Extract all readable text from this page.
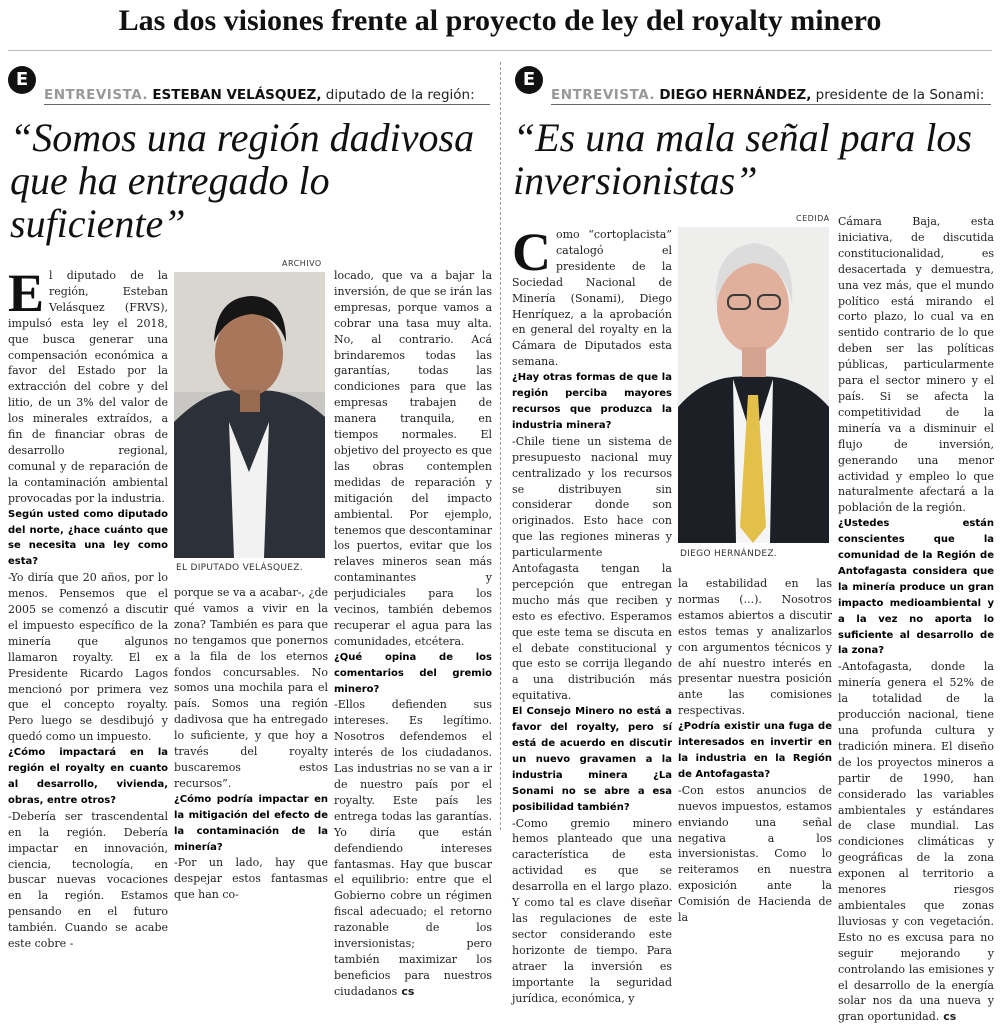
Las dos visiones frente al proyecto de ley del royalty minero
E
ENTREVISTA. ESTEBAN VELÁSQUEZ, diputado de la región:
“Somos una región dadivosa que ha entregado lo suficiente”
ARCHIVO
EL DIPUTADO VELÁSQUEZ.
E l diputado de la región, Esteban Velásquez (FRVS), impulsó esta ley el 2018, que busca generar una compensación económica a favor del Estado por la extracción del cobre y del litio, de un 3% del valor de los minerales extraídos, a fin de financiar obras de desarrollo regional, comunal y de reparación de la contaminación ambiental provocadas por la industria.
Según usted como diputado del norte, ¿hace cuánto que se necesita una ley como esta?
-Yo diría que 20 años, por lo menos. Pensemos que el 2005 se comenzó a discutir el impuesto específico de la minería que algunos llamaron royalty. El ex Presidente Ricardo Lagos mencionó por primera vez que el concepto royalty. Pero luego se desdibujó y quedó como un impuesto.
¿Cómo impactará en la región el royalty en cuanto al desarrollo, vivienda, obras, entre otros?
-Debería ser trascendental en la región. Debería impactar en innovación, ciencia, tecnología, en buscar nuevas vocaciones en la región. Estamos pensando en el futuro también. Cuando se acabe este cobre -
porque se va a acabar-, ¿de qué vamos a vivir en la zona? También es para que no tengamos que ponernos a la fila de los eternos fondos concursables. No somos una mochila para el país. Somos una región dadivosa que ha entregado lo suficiente, y que hoy a través del royalty buscaremos estos recursos”.
¿Cómo podría impactar en la mitigación del efecto de la contaminación de la minería?
-Por un lado, hay que despejar estos fantasmas que han co-
locado, que va a bajar la inversión, de que se irán las empresas, porque vamos a cobrar una tasa muy alta. No, al contrario. Acá brindaremos todas las garantías, todas las condiciones para que las empresas trabajen de manera tranquila, en tiempos normales. El objetivo del proyecto es que las obras contemplen medidas de reparación y mitigación del impacto ambiental. Por ejemplo, tenemos que descontaminar los puertos, evitar que los relaves mineros sean más contaminantes y perjudiciales para los vecinos, también debemos recuperar el agua para las comunidades, etcétera.
¿Qué opina de los comentarios del gremio minero?
-Ellos defienden sus intereses. Es legítimo. Nosotros defendemos el interés de los ciudadanos. Las industrias no se van a ir de nuestro país por el royalty. Este país les entrega todas las garantías. Yo diría que están defendiendo intereses fantasmas. Hay que buscar el equilibrio: entre que el Gobierno cobre un régimen fiscal adecuado; el retorno razonable de los inversionistas; pero también maximizar los beneficios para nuestros ciudadanos cs
E
ENTREVISTA. DIEGO HERNÁNDEZ, presidente de la Sonami:
“Es una mala señal para los inversionistas”
CEDIDA
DIEGO HERNÁNDEZ.
C omo “cortoplacista” catalogó el presidente de la Sociedad Nacional de Minería (Sonami), Diego Henríquez, a la aprobación en general del royalty en la Cámara de Diputados esta semana.
¿Hay otras formas de que la región perciba mayores recursos que produzca la industria minera?
-Chile tiene un sistema de presupuesto nacional muy centralizado y los recursos se distribuyen sin considerar donde son originados. Esto hace con que las regiones mineras y particularmente Antofagasta tengan la percepción que entregan mucho más que reciben y esto es efectivo. Esperamos que este tema se discuta en el debate constitucional y que esto se corrija llegando a una distribución más equitativa.
El Consejo Minero no está a favor del royalty, pero sí está de acuerdo en discutir un nuevo gravamen a la industria minera ¿La Sonami no se abre a esa posibilidad también?
-Como gremio minero hemos planteado que una característica de esta actividad es que se desarrolla en el largo plazo. Y como tal es clave diseñar las regulaciones de este sector considerando este horizonte de tiempo. Para atraer la inversión es importante la seguridad jurídica, económica, y
la estabilidad en las normas (...). Nosotros estamos abiertos a discutir estos temas y analizarlos con argumentos técnicos y de ahí nuestro interés en presentar nuestra posición ante las comisiones respectivas.
¿Podría existir una fuga de interesados en invertir en la industria en la Región de Antofagasta?
-Con estos anuncios de nuevos impuestos, estamos enviando una señal negativa a los inversionistas. Como lo reiteramos en nuestra exposición ante la Comisión de Hacienda de la
Cámara Baja, esta iniciativa, de discutida constitucionalidad, es desacertada y demuestra, una vez más, que el mundo político está mirando el corto plazo, lo cual va en sentido contrario de lo que deben ser las políticas públicas, particularmente para el sector minero y el país. Si se afecta la competitividad de la minería va a disminuir el flujo de inversión, generando una menor actividad y empleo lo que naturalmente afectará a la población de la región.
¿Ustedes están conscientes que la comunidad de la Región de Antofagasta considera que la minería produce un gran impacto medioambiental y a la vez no aporta lo suficiente al desarrollo de la zona?
-Antofagasta, donde la minería genera el 52% de la totalidad de la producción nacional, tiene una profunda cultura y tradición minera. El diseño de los proyectos mineros a partir de 1990, han considerado las variables ambientales y estándares de clase mundial. Las condiciones climáticas y geográficas de la zona exponen al territorio a menores riesgos ambientales que zonas lluviosas y con vegetación. Esto no es excusa para no seguir mejorando y controlando las emisiones y el desarrollo de la energía solar nos da una nueva y gran oportunidad. cs
